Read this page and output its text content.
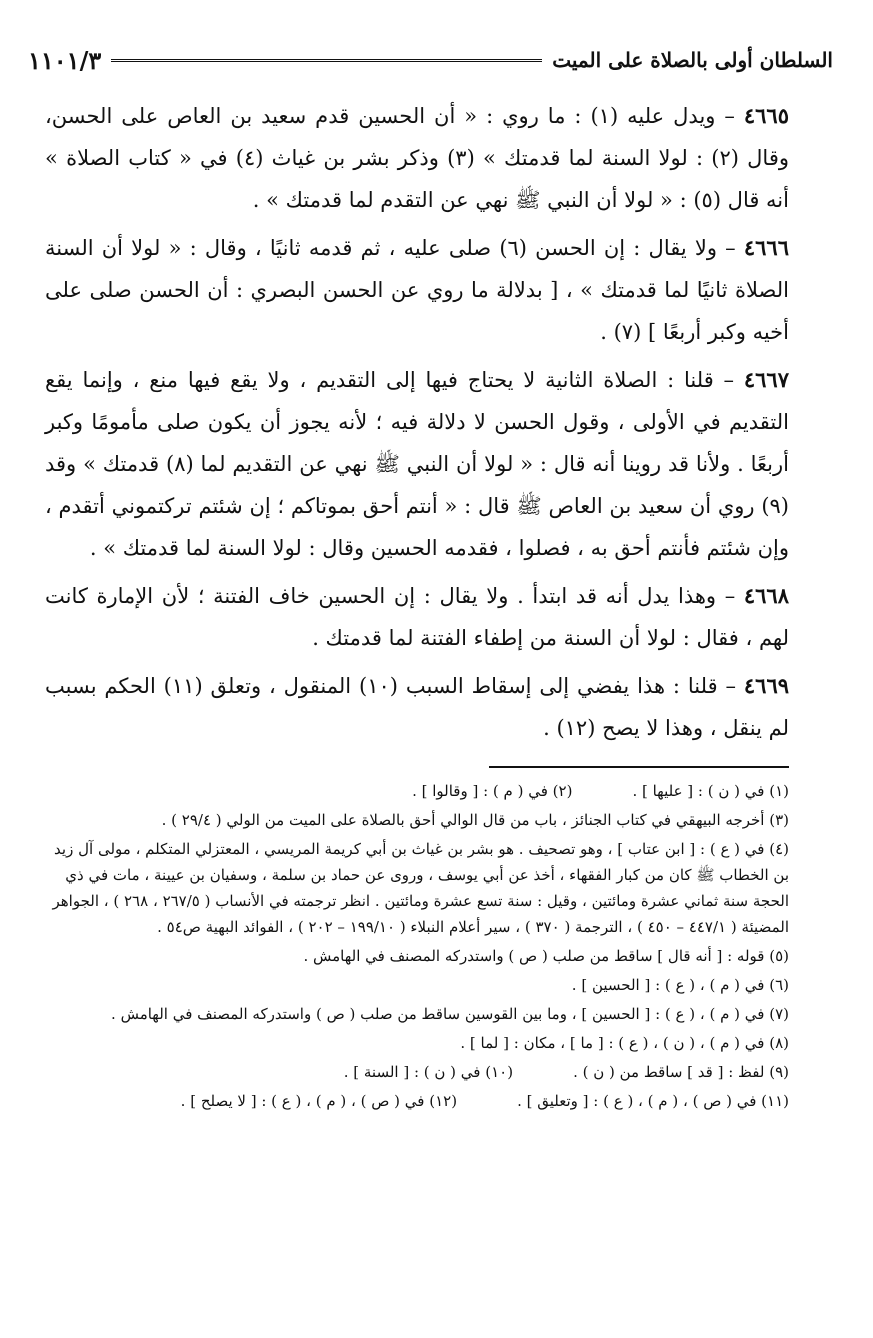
السلطان أولى بالصلاة على الميت
١١٠١/٣

٤٦٦٥ – ويدل عليه (١) : ما روي : « أن الحسين قدم سعيد بن العاص على الحسن، وقال (٢) : لولا السنة لما قدمتك » (٣) وذكر بشر بن غياث (٤) في « كتاب الصلاة » أنه قال (٥) : « لولا أن النبي ﷺ نهي عن التقدم لما قدمتك » .

٤٦٦٦ – ولا يقال : إن الحسن (٦) صلى عليه ، ثم قدمه ثانيًا ، وقال : « لولا أن السنة الصلاة ثانيًا لما قدمتك » ، [ بدلالة ما روي عن الحسن البصري : أن الحسن صلى على أخيه وكبر أربعًا ] (٧) .

٤٦٦٧ – قلنا : الصلاة الثانية لا يحتاج فيها إلى التقديم ، ولا يقع فيها منع ، وإنما يقع التقديم في الأولى ، وقول الحسن لا دلالة فيه ؛ لأنه يجوز أن يكون صلى مأمومًا وكبر أربعًا . ولأنا قد روينا أنه قال : « لولا أن النبي ﷺ نهي عن التقديم لما (٨) قدمتك » وقد (٩) روي أن سعيد بن العاص ﷺ قال : « أنتم أحق بموتاكم ؛ إن شئتم تركتموني أتقدم ، وإن شئتم فأنتم أحق به ، فصلوا ، فقدمه الحسين وقال : لولا السنة لما قدمتك » .

٤٦٦٨ – وهذا يدل أنه قد ابتدأ . ولا يقال : إن الحسين خاف الفتنة ؛ لأن الإمارة كانت لهم ، فقال : لولا أن السنة من إطفاء الفتنة لما قدمتك .

٤٦٦٩ – قلنا : هذا يفضي إلى إسقاط السبب (١٠) المنقول ، وتعلق (١١) الحكم بسبب لم ينقل ، وهذا لا يصح (١٢) .

(١) في ( ن ) : [ عليها ] .
(٢) في ( م ) : [ وقالوا ] .
(٣) أخرجه البيهقي في كتاب الجنائز ، باب من قال الوالي أحق بالصلاة على الميت من الولي ( ٢٩/٤ ) .
(٤) في ( ع ) : [ ابن عتاب ] ، وهو تصحيف . هو بشر بن غياث بن أبي كريمة المريسي ، المعتزلي المتكلم ، مولى آل زيد بن الخطاب ﷺ كان من كبار الفقهاء ، أخذ عن أبي يوسف ، وروى عن حماد بن سلمة ، وسفيان بن عيينة ، مات في ذي الحجة سنة ثماني عشرة ومائتين ، وقيل : سنة تسع عشرة ومائتين . انظر ترجمته في الأنساب ( ٢٦٧/٥ ، ٢٦٨ ) ، الجواهر المضيئة ( ٤٤٧/١ – ٤٥٠ ) ، الترجمة ( ٣٧٠ ) ، سير أعلام النبلاء ( ١٩٩/١٠ – ٢٠٢ ) ، الفوائد البهية ص٥٤ .
(٥) قوله : [ أنه قال ] ساقط من صلب ( ص ) واستدركه المصنف في الهامش .
(٦) في ( م ) ، ( ع ) : [ الحسين ] .
(٧) في ( م ) ، ( ع ) : [ الحسين ] ، وما بين القوسين ساقط من صلب ( ص ) واستدركه المصنف في الهامش .
(٨) في ( م ) ، ( ن ) ، ( ع ) : [ ما ] ، مكان : [ لما ] .
(٩) لفظ : [ قد ] ساقط من ( ن ) .
(١٠) في ( ن ) : [ السنة ] .
(١١) في ( ص ) ، ( م ) ، ( ع ) : [ وتعليق ] .
(١٢) في ( ص ) ، ( م ) ، ( ع ) : [ لا يصلح ] .
